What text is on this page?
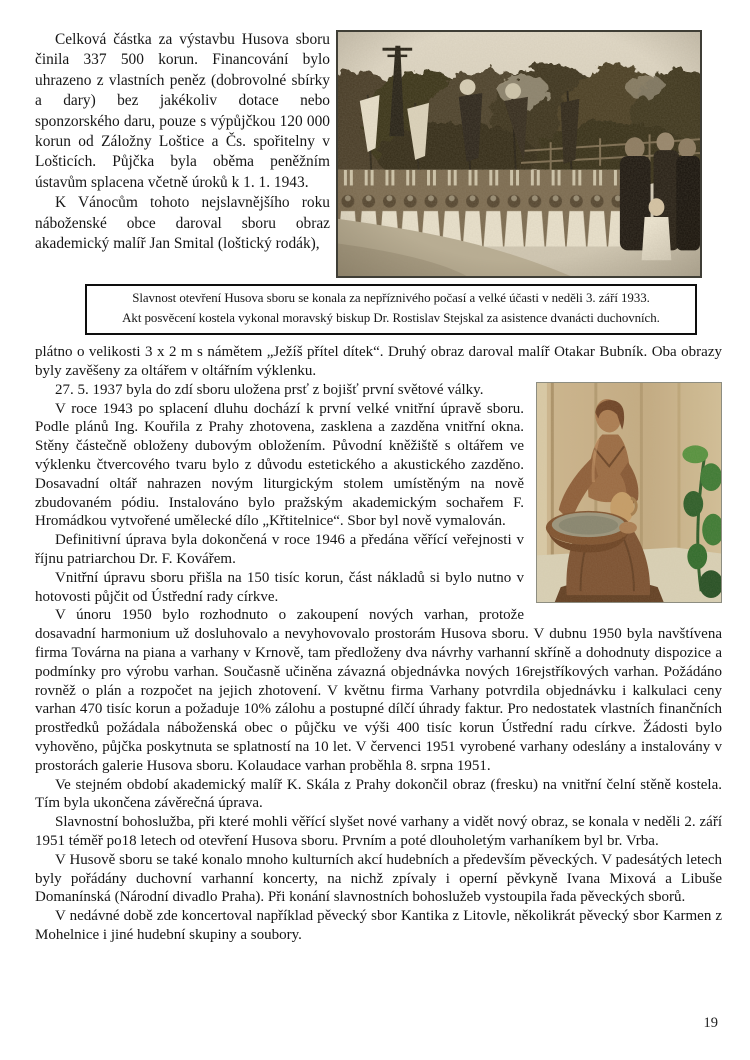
Celková částka za výstavbu Husova sboru činila 337 500 korun. Financování bylo uhrazeno z vlastních peněz (dobrovolné sbírky a dary) bez jakékoliv dotace nebo sponzorského daru, pouze s výpůjčkou 120 000 korun od Záložny Loštice a Čs. spořitelny v Lošticích. Půjčka byla oběma peněžním ústavům splacena včetně úroků k 1. 1. 1943.

K Vánocům tohoto nejslavnějšího roku náboženské obce daroval sboru obraz akademický malíř Jan Smital (loštický rodák),

Slavnost otevření Husova sboru se konala za nepříznivého počasí a velké účasti v neděli 3. září 1933.
Akt posvěcení kostela vykonal moravský biskup Dr. Rostislav Stejskal za asistence dvanácti duchovních.

plátno o velikosti 3 x 2 m s námětem „Ježíš přítel dítek“. Druhý obraz daroval malíř Otakar Bubník. Oba obrazy byly zavěšeny za oltářem v oltářním výklenku.

27. 5. 1937 byla do zdí sboru uložena prsť z bojišť první světové války.

V roce 1943 po splacení dluhu dochází k první velké vnitřní úpravě sboru. Podle plánů Ing. Kouřila z Prahy zhotovena, zasklena a zazděna vnitřní okna. Stěny částečně obloženy dubovým obložením. Původní kněžiště s oltářem ve výklenku čtvercového tvaru bylo z důvodu estetického a akustického zazděno. Dosavadní oltář nahrazen novým liturgickým stolem umístěným na nově zbudovaném pódiu. Instalováno bylo pražským akademickým sochařem F. Hromádkou vytvořené umělecké dílo „Křtitelnice“. Sbor byl nově vymalován.

Definitivní úprava byla dokončená v roce 1946 a předána věřící veřejnosti v říjnu patriarchou Dr. F. Kovářem.

Vnitřní úpravu sboru přišla na 150 tisíc korun, část nákladů si bylo nutno v hotovosti půjčit od Ústřední rady církve.

V únoru 1950 bylo rozhodnuto o zakoupení nových varhan, protože dosavadní harmonium už dosluhovalo a nevyhovovalo prostorám Husova sboru. V dubnu 1950 byla navštívena firma Továrna na piana a varhany v Krnově, tam předloženy dva návrhy varhanní skříně a dohodnuty dispozice a podmínky pro výrobu varhan. Současně učiněna závazná objednávka nových 16rejstříkových varhan. Požádáno rovněž o plán a rozpočet na jejich zhotovení. V květnu firma Varhany potvrdila objednávku i kalkulaci ceny varhan 470 tisíc korun a požaduje 10% zálohu a postupné dílčí úhrady faktur. Pro nedostatek vlastních finančních prostředků požádala náboženská obec o půjčku ve výši 400 tisíc korun Ústřední radu církve. Žádosti bylo vyhověno, půjčka poskytnuta se splatností na 10 let. V červenci 1951 vyrobené varhany odeslány a instalovány v prostorách galerie Husova sboru. Kolaudace varhan proběhla 8. srpna 1951.

Ve stejném období akademický malíř K. Skála z Prahy dokončil obraz (fresku) na vnitřní čelní stěně kostela. Tím byla ukončena závěrečná úprava.

Slavnostní bohoslužba, při které mohli věřící slyšet nové varhany a vidět nový obraz, se konala v neděli 2. září 1951 téměř po18 letech od otevření Husova sboru. Prvním a poté dlouholetým varhaníkem byl br. Vrba.

V Husově sboru se také konalo mnoho kulturních akcí hudebních a především pěveckých. V padesátých letech byly pořádány duchovní varhanní koncerty, na nichž zpívaly i operní pěvkyně Ivana Mixová a Libuše Domanínská (Národní divadlo Praha). Při konání slavnostních bohoslužeb vystoupila řada pěveckých sborů.

V nedávné době zde koncertoval například pěvecký sbor Kantika z Litovle, několikrát pěvecký sbor Karmen z Mohelnice i jiné hudební skupiny a soubory.

19
